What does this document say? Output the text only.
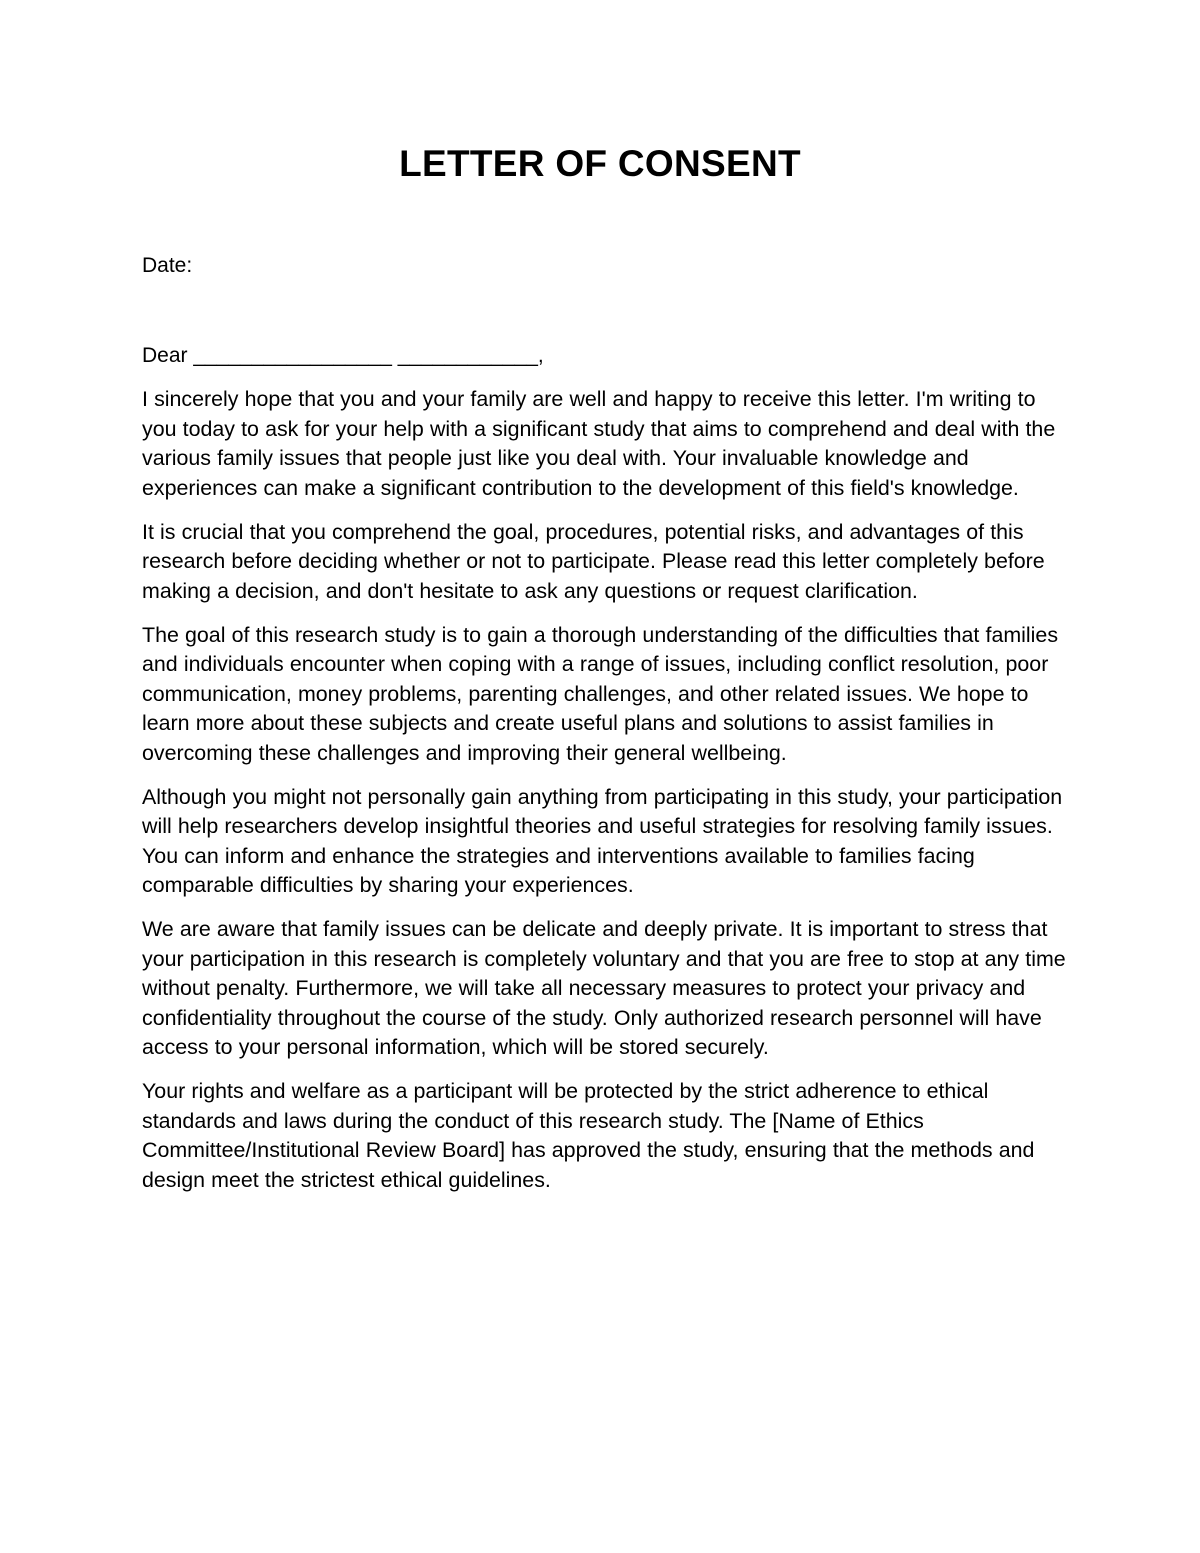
LETTER OF CONSENT

Date:

Dear _________________ ____________,

I sincerely hope that you and your family are well and happy to receive this letter. I'm writing to you today to ask for your help with a significant study that aims to comprehend and deal with the various family issues that people just like you deal with. Your invaluable knowledge and experiences can make a significant contribution to the development of this field's knowledge.

It is crucial that you comprehend the goal, procedures, potential risks, and advantages of this research before deciding whether or not to participate. Please read this letter completely before making a decision, and don't hesitate to ask any questions or request clarification.

The goal of this research study is to gain a thorough understanding of the difficulties that families and individuals encounter when coping with a range of issues, including conflict resolution, poor communication, money problems, parenting challenges, and other related issues. We hope to learn more about these subjects and create useful plans and solutions to assist families in overcoming these challenges and improving their general wellbeing.

Although you might not personally gain anything from participating in this study, your participation will help researchers develop insightful theories and useful strategies for resolving family issues. You can inform and enhance the strategies and interventions available to families facing comparable difficulties by sharing your experiences.

We are aware that family issues can be delicate and deeply private. It is important to stress that your participation in this research is completely voluntary and that you are free to stop at any time without penalty. Furthermore, we will take all necessary measures to protect your privacy and confidentiality throughout the course of the study. Only authorized research personnel will have access to your personal information, which will be stored securely.

Your rights and welfare as a participant will be protected by the strict adherence to ethical standards and laws during the conduct of this research study. The [Name of Ethics Committee/Institutional Review Board] has approved the study, ensuring that the methods and design meet the strictest ethical guidelines.
